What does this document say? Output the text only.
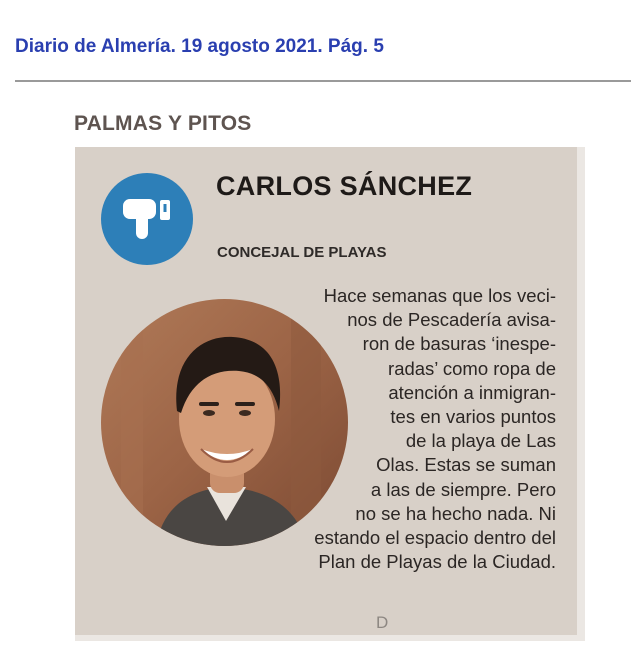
Diario de Almería. 19 agosto 2021. Pág. 5
PALMAS Y PITOS
CARLOS SÁNCHEZ
CONCEJAL DE PLAYAS
Hace semanas que los veci-
nos de Pescadería avisa-
ron de basuras ‘inespe-
radas’ como ropa de
atención a inmigran-
tes en varios puntos
de la playa de Las
Olas. Estas se suman
a las de siempre. Pero
no se ha hecho nada. Ni
estando el espacio dentro del
Plan de Playas de la Ciudad.
D
